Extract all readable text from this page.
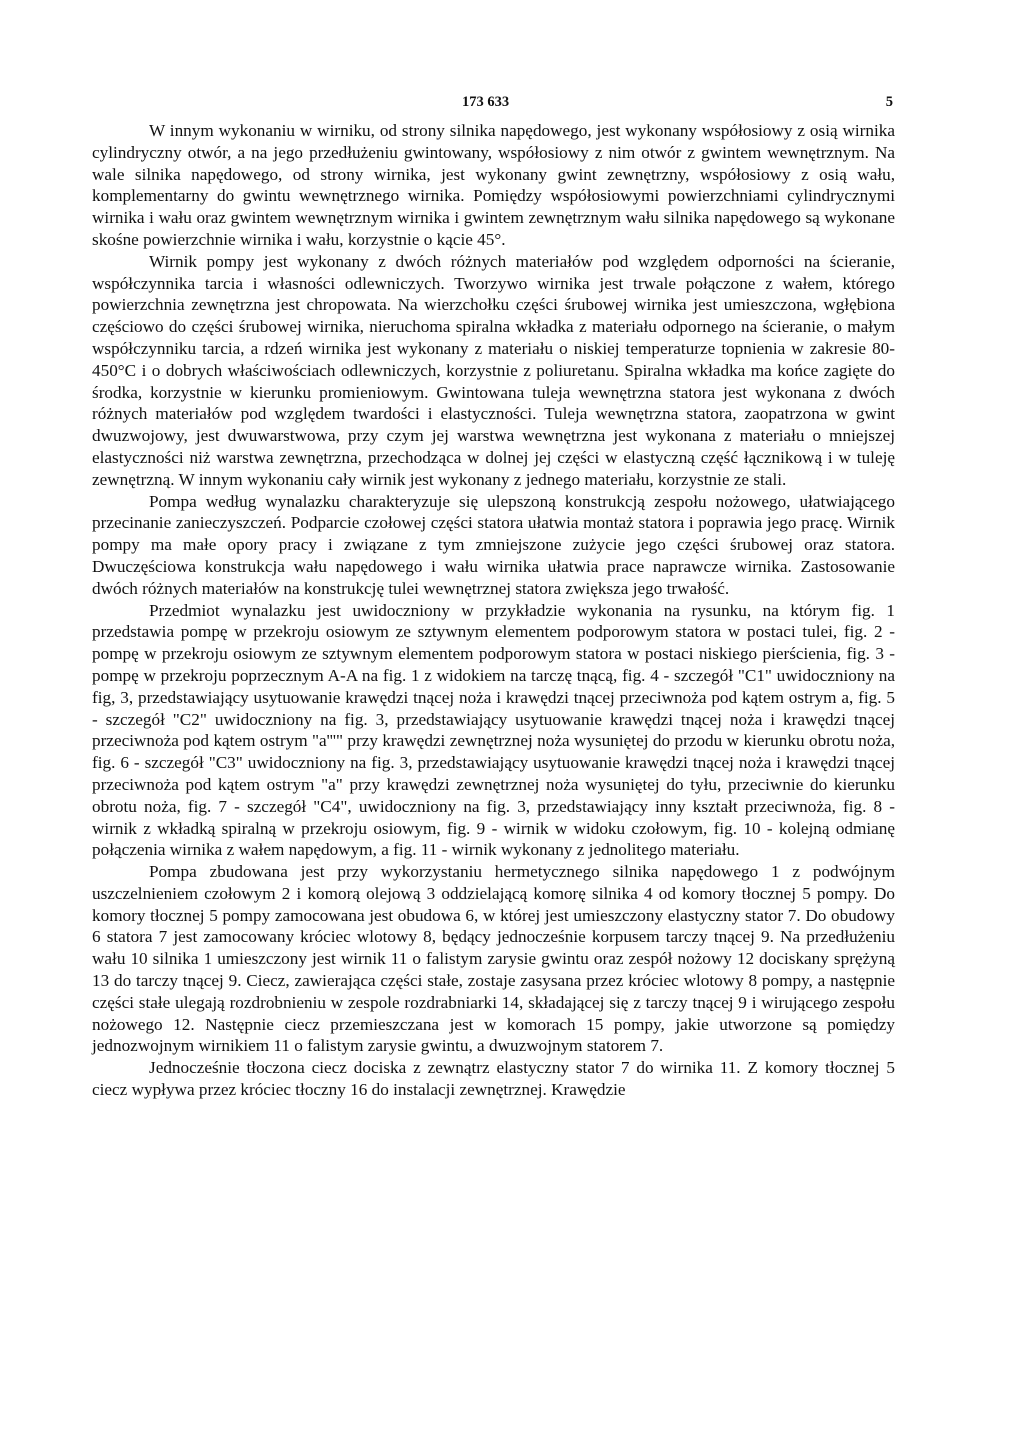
173 633	5

W innym wykonaniu w wirniku, od strony silnika napędowego, jest wykonany współosiowy z osią wirnika cylindryczny otwór, a na jego przedłużeniu gwintowany, współosiowy z nim otwór z gwintem wewnętrznym. Na wale silnika napędowego, od strony wirnika, jest wykonany gwint zewnętrzny, współosiowy z osią wału, komplementarny do gwintu wewnętrznego wirnika. Pomiędzy współosiowymi powierzchniami cylindrycznymi wirnika i wału oraz gwintem wewnętrznym wirnika i gwintem zewnętrznym wału silnika napędowego są wykonane skośne powierzchnie wirnika i wału, korzystnie o kącie 45°.

Wirnik pompy jest wykonany z dwóch różnych materiałów pod względem odporności na ścieranie, współczynnika tarcia i własności odlewniczych. Tworzywo wirnika jest trwale połączone z wałem, którego powierzchnia zewnętrzna jest chropowata. Na wierzchołku części śrubowej wirnika jest umieszczona, wgłębiona częściowo do części śrubowej wirnika, nieruchoma spiralna wkładka z materiału odpornego na ścieranie, o małym współczynniku tarcia, a rdzeń wirnika jest wykonany z materiału o niskiej temperaturze topnienia w zakresie 80-450°C i o dobrych właściwościach odlewniczych, korzystnie z poliuretanu. Spiralna wkładka ma końce zagięte do środka, korzystnie w kierunku promieniowym. Gwintowana tuleja wewnętrzna statora jest wykonana z dwóch różnych materiałów pod względem twardości i elastyczności. Tuleja wewnętrzna statora, zaopatrzona w gwint dwuzwojowy, jest dwuwarstwowa, przy czym jej warstwa wewnętrzna jest wykonana z materiału o mniejszej elastyczności niż warstwa zewnętrzna, przechodząca w dolnej jej części w elastyczną część łącznikową i w tuleję zewnętrzną. W innym wykonaniu cały wirnik jest wykonany z jednego materiału, korzystnie ze stali.

Pompa według wynalazku charakteryzuje się ulepszoną konstrukcją zespołu nożowego, ułatwiającego przecinanie zanieczyszczeń. Podparcie czołowej części statora ułatwia montaż statora i poprawia jego pracę. Wirnik pompy ma małe opory pracy i związane z tym zmniejszone zużycie jego części śrubowej oraz statora. Dwuczęściowa konstrukcja wału napędowego i wału wirnika ułatwia prace naprawcze wirnika. Zastosowanie dwóch różnych materiałów na konstrukcję tulei wewnętrznej statora zwiększa jego trwałość.

Przedmiot wynalazku jest uwidoczniony w przykładzie wykonania na rysunku, na którym fig. 1 przedstawia pompę w przekroju osiowym ze sztywnym elementem podporowym statora w postaci tulei, fig. 2 - pompę w przekroju osiowym ze sztywnym elementem podporowym statora w postaci niskiego pierścienia, fig. 3 - pompę w przekroju poprzecznym A-A na fig. 1 z widokiem na tarczę tnącą, fig. 4 - szczegół "C1" uwidoczniony na fig, 3, przedstawiający usytuowanie krawędzi tnącej noża i krawędzi tnącej przeciwnoża pod kątem ostrym a, fig. 5 - szczegół "C2" uwidoczniony na fig. 3, przedstawiający usytuowanie krawędzi tnącej noża i krawędzi tnącej przeciwnoża pod kątem ostrym "a'''" przy krawędzi zewnętrznej noża wysuniętej do przodu w kierunku obrotu noża, fig. 6 - szczegół "C3" uwidoczniony na fig. 3, przedstawiający usytuowanie krawędzi tnącej noża i krawędzi tnącej przeciwnoża pod kątem ostrym "a" przy krawędzi zewnętrznej noża wysuniętej do tyłu, przeciwnie do kierunku obrotu noża, fig. 7 - szczegół "C4", uwidoczniony na fig. 3, przedstawiający inny kształt przeciwnoża, fig. 8 - wirnik z wkładką spiralną w przekroju osiowym, fig. 9 - wirnik w widoku czołowym, fig. 10 - kolejną odmianę połączenia wirnika z wałem napędowym, a fig. 11 - wirnik wykonany z jednolitego materiału.

Pompa zbudowana jest przy wykorzystaniu hermetycznego silnika napędowego 1 z podwójnym uszczelnieniem czołowym 2 i komorą olejową 3 oddzielającą komorę silnika 4 od komory tłocznej 5 pompy. Do komory tłocznej 5 pompy zamocowana jest obudowa 6, w której jest umieszczony elastyczny stator 7. Do obudowy 6 statora 7 jest zamocowany króciec wlotowy 8, będący jednocześnie korpusem tarczy tnącej 9. Na przedłużeniu wału 10 silnika 1 umieszczony jest wirnik 11 o falistym zarysie gwintu oraz zespół nożowy 12 dociskany sprężyną 13 do tarczy tnącej 9. Ciecz, zawierająca części stałe, zostaje zasysana przez króciec wlotowy 8 pompy, a następnie części stałe ulegają rozdrobnieniu w zespole rozdrabniarki 14, składającej się z tarczy tnącej 9 i wirującego zespołu nożowego 12. Następnie ciecz przemieszczana jest w komorach 15 pompy, jakie utworzone są pomiędzy jednozwojnym wirnikiem 11 o falistym zarysie gwintu, a dwuzwojnym statorem 7.

Jednocześnie tłoczona ciecz dociska z zewnątrz elastyczny stator 7 do wirnika 11. Z komory tłocznej 5 ciecz wypływa przez króciec tłoczny 16 do instalacji zewnętrznej. Krawędzie
